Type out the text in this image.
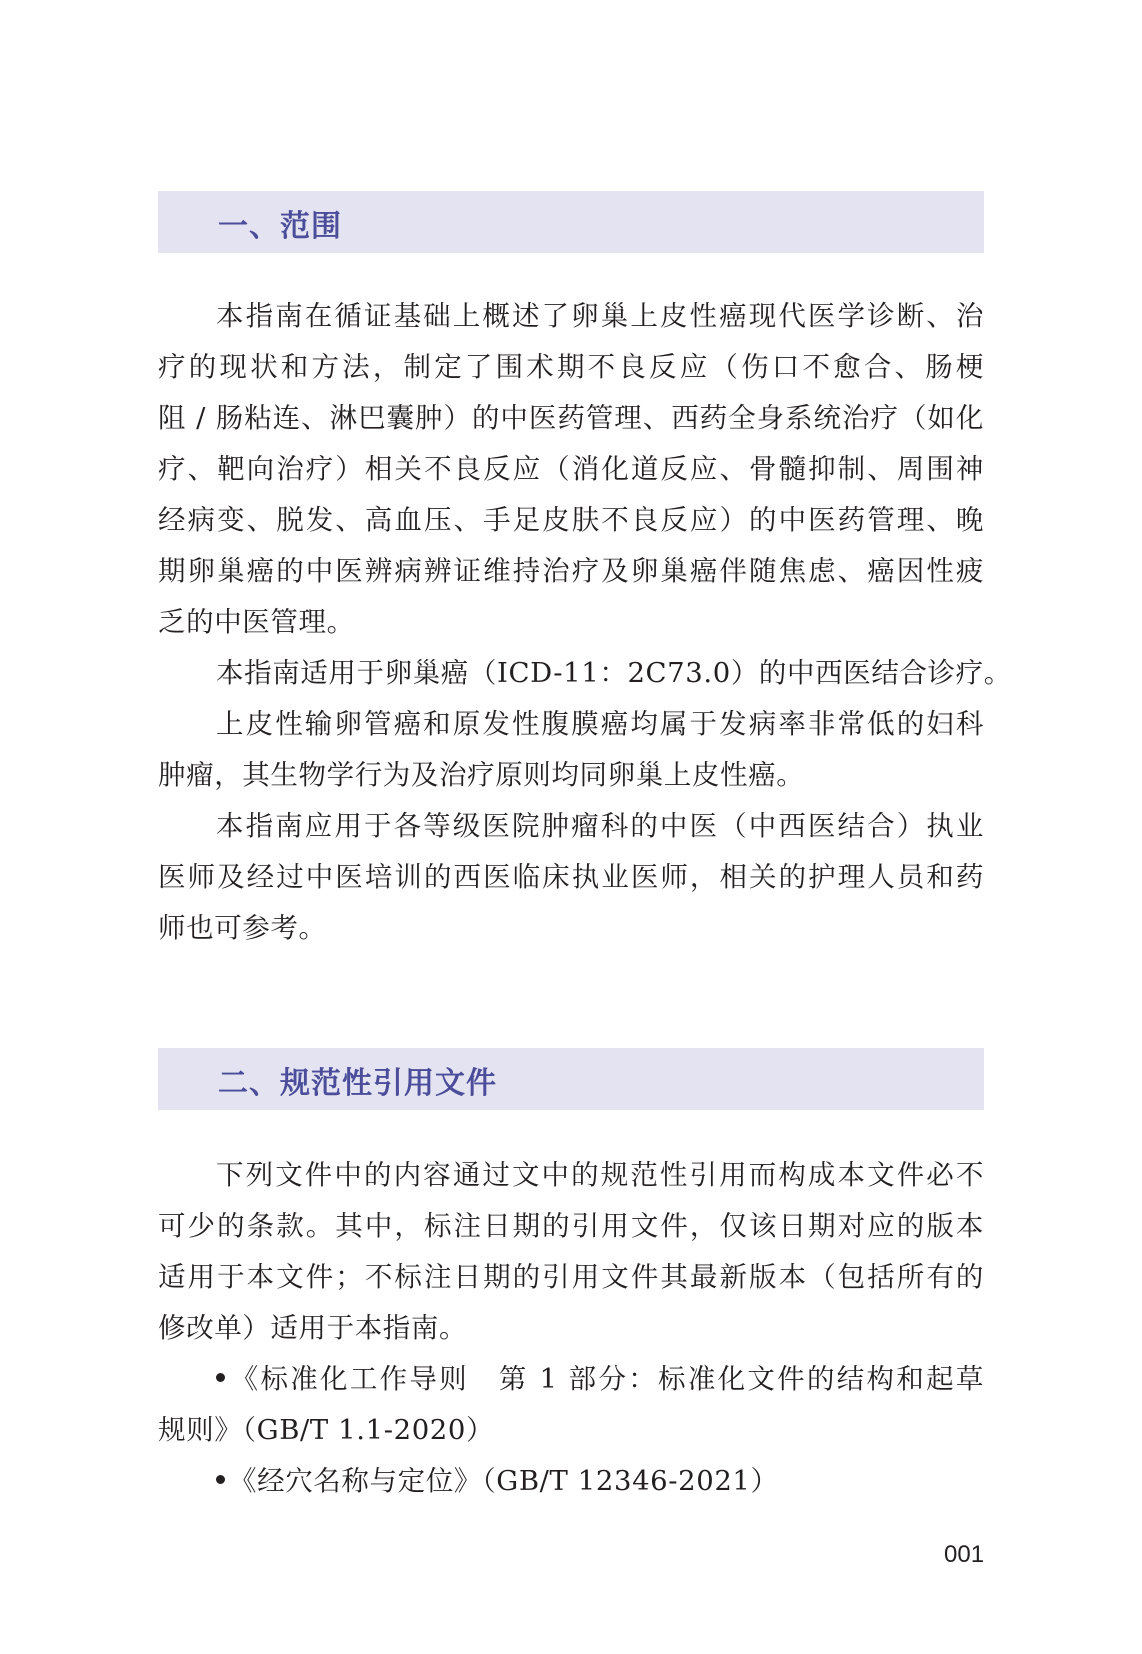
一、范围
本指南在循证基础上概述了卵巢上皮性癌现代医学诊断、治
疗的现状和方法，制定了围术期不良反应（伤口不愈合、肠梗
阻 / 肠粘连、淋巴囊肿）的中医药管理、西药全身系统治疗（如化
疗、靶向治疗）相关不良反应（消化道反应、骨髓抑制、周围神
经病变、脱发、高血压、手足皮肤不良反应）的中医药管理、晚
期卵巢癌的中医辨病辨证维持治疗及卵巢癌伴随焦虑、癌因性疲
乏的中医管理。
本指南适用于卵巢癌（ICD-11：2C73.0）的中西医结合诊疗。
上皮性输卵管癌和原发性腹膜癌均属于发病率非常低的妇科
肿瘤，其生物学行为及治疗原则均同卵巢上皮性癌。
本指南应用于各等级医院肿瘤科的中医（中西医结合）执业
医师及经过中医培训的西医临床执业医师，相关的护理人员和药
师也可参考。
二、规范性引用文件
下列文件中的内容通过文中的规范性引用而构成本文件必不
可少的条款。其中，标注日期的引用文件，仅该日期对应的版本
适用于本文件；不标注日期的引用文件其最新版本（包括所有的
修改单）适用于本指南。
《标准化工作导则　第 1 部分：标准化文件的结构和起草
规则》（GB/T 1.1-2020）
《经穴名称与定位》（GB/T 12346-2021）
001
